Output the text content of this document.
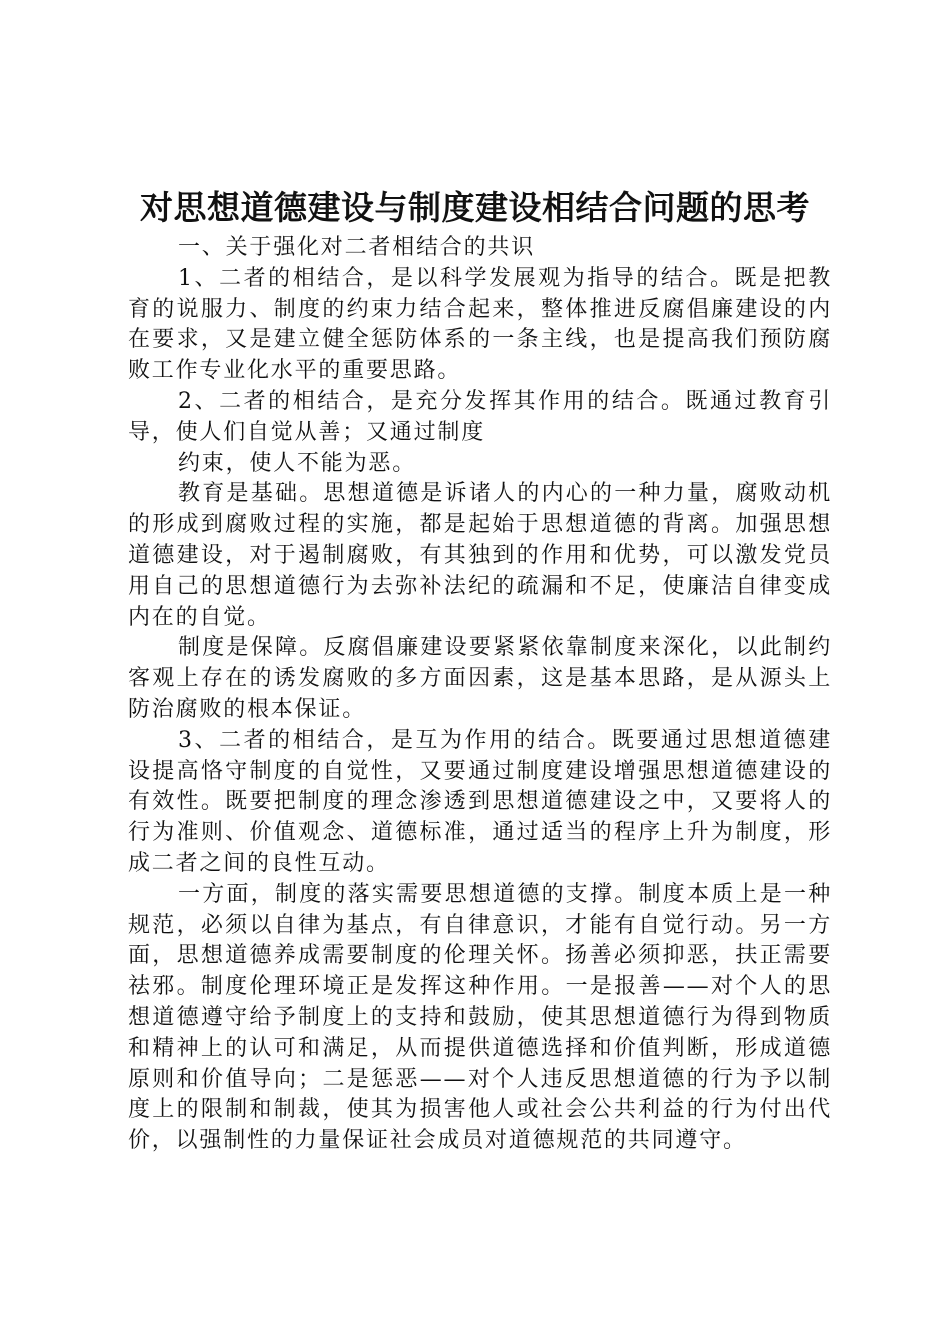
对思想道德建设与制度建设相结合问题的思考

一、关于强化对二者相结合的共识

1、二者的相结合，是以科学发展观为指导的结合。既是把教育的说服力、制度的约束力结合起来，整体推进反腐倡廉建设的内在要求，又是建立健全惩防体系的一条主线，也是提高我们预防腐败工作专业化水平的重要思路。

2、二者的相结合，是充分发挥其作用的结合。既通过教育引导，使人们自觉从善；又通过制度

约束，使人不能为恶。

教育是基础。思想道德是诉诸人的内心的一种力量，腐败动机的形成到腐败过程的实施，都是起始于思想道德的背离。加强思想道德建设，对于遏制腐败，有其独到的作用和优势，可以激发党员用自己的思想道德行为去弥补法纪的疏漏和不足，使廉洁自律变成内在的自觉。

制度是保障。反腐倡廉建设要紧紧依靠制度来深化，以此制约客观上存在的诱发腐败的多方面因素，这是基本思路，是从源头上防治腐败的根本保证。

3、二者的相结合，是互为作用的结合。既要通过思想道德建设提高恪守制度的自觉性，又要通过制度建设增强思想道德建设的有效性。既要把制度的理念渗透到思想道德建设之中，又要将人的行为准则、价值观念、道德标准，通过适当的程序上升为制度，形成二者之间的良性互动。

一方面，制度的落实需要思想道德的支撑。制度本质上是一种规范，必须以自律为基点，有自律意识，才能有自觉行动。另一方面，思想道德养成需要制度的伦理关怀。扬善必须抑恶，扶正需要祛邪。制度伦理环境正是发挥这种作用。一是报善——对个人的思想道德遵守给予制度上的支持和鼓励，使其思想道德行为得到物质和精神上的认可和满足，从而提供道德选择和价值判断，形成道德原则和价值导向；二是惩恶——对个人违反思想道德的行为予以制度上的限制和制裁，使其为损害他人或社会公共利益的行为付出代价，以强制性的力量保证社会成员对道德规范的共同遵守。
